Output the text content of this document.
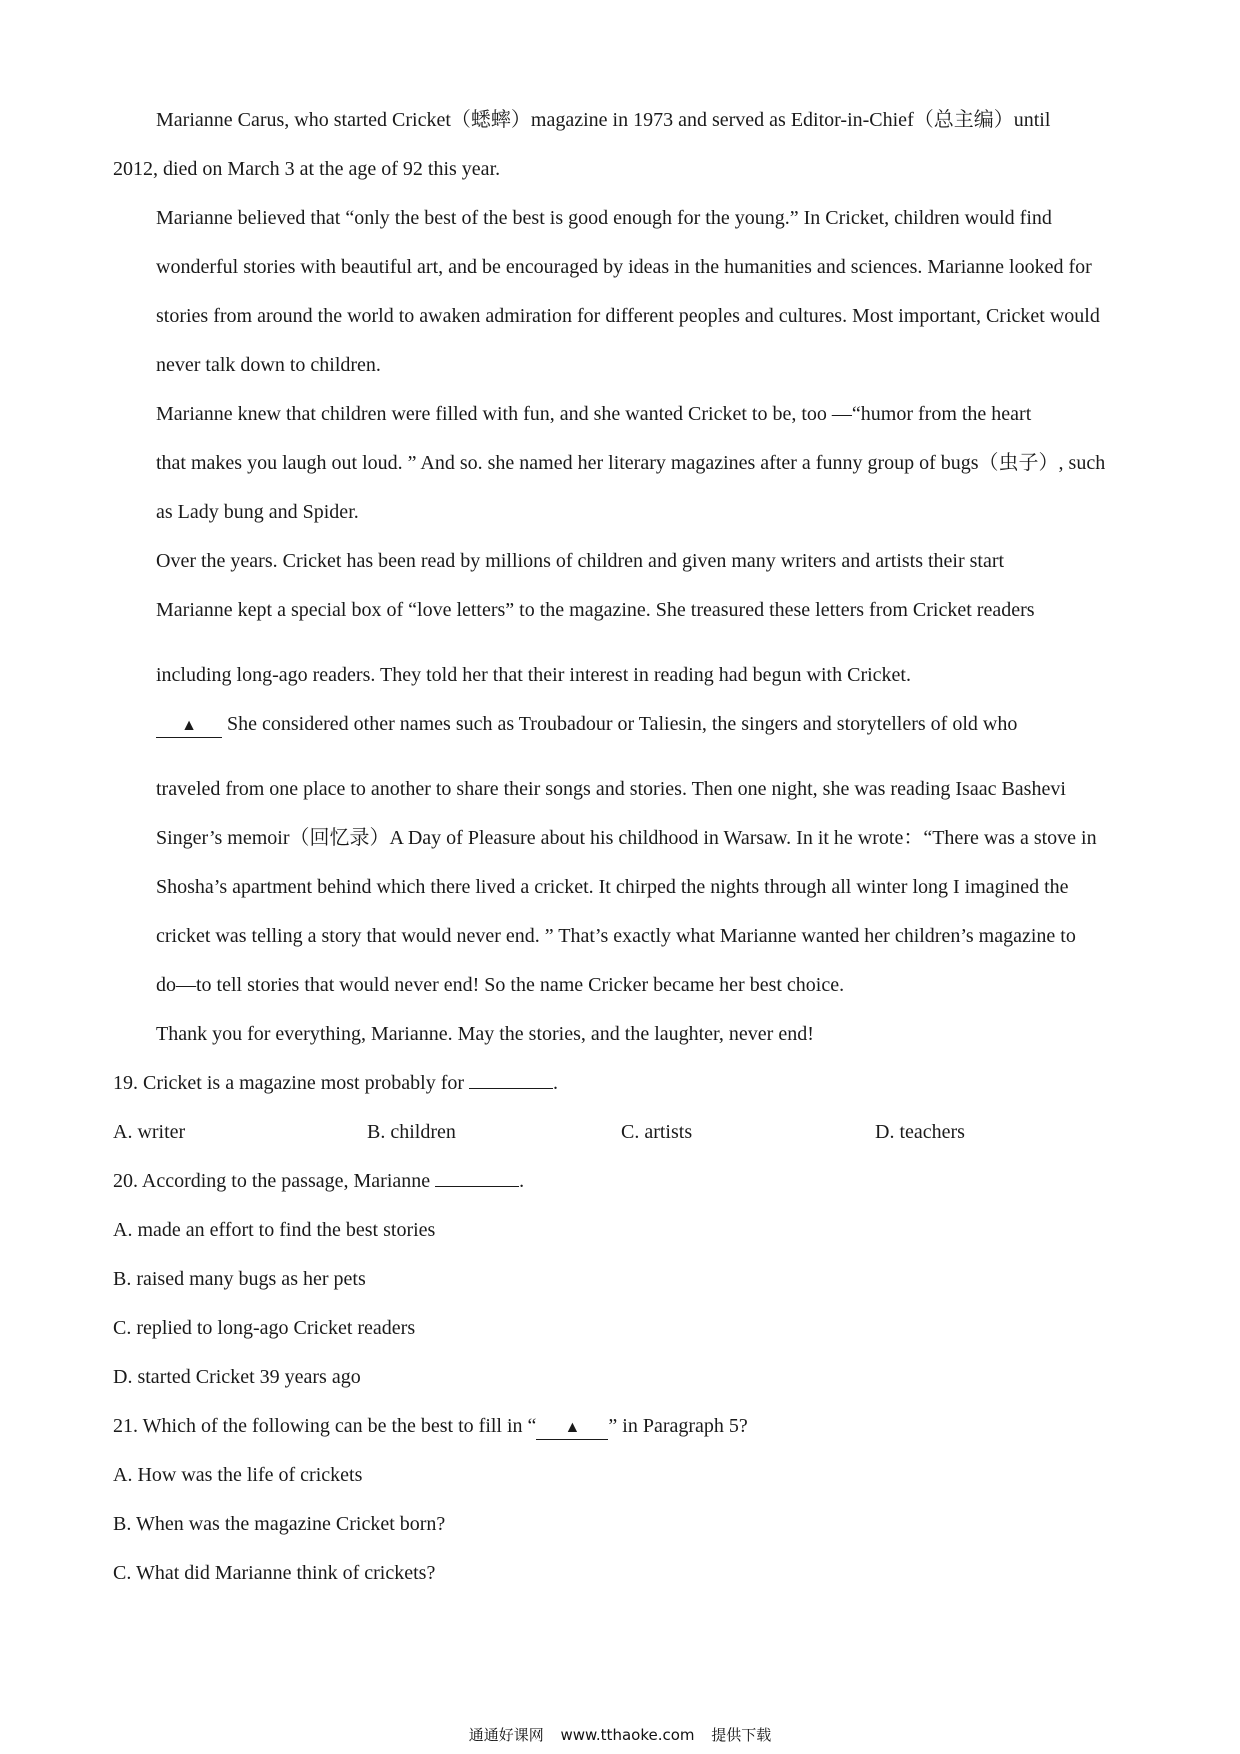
Marianne Carus, who started Cricket（蟋蟀）magazine in 1973 and served as Editor-in-Chief（总主编）until
2012, died on March 3 at the age of 92 this year.

Marianne believed that “only the best of the best is good enough for the young.” In Cricket, children would find
wonderful stories with beautiful art, and be encouraged by ideas in the humanities and sciences. Marianne looked for
stories from around the world to awaken admiration for different peoples and cultures. Most important, Cricket would
never talk down to children.

Marianne knew that children were filled with fun, and she wanted Cricket to be, too —“humor from the heart
that makes you laugh out loud. ” And so. she named her literary magazines after a funny group of bugs（虫子）, such
as Lady bung and Spider.

Over the years. Cricket has been read by millions of children and given many writers and artists their start
Marianne kept a special box of “love letters” to the magazine. She treasured these letters from Cricket readers
including long-ago readers. They told her that their interest in reading had begun with Cricket.

▲ She considered other names such as Troubadour or Taliesin, the singers and storytellers of old who
traveled from one place to another to share their songs and stories. Then one night, she was reading Isaac Bashevi
Singer’s memoir（回忆录）A Day of Pleasure about his childhood in Warsaw. In it he wrote：“There was a stove in
Shosha’s apartment behind which there lived a cricket. It chirped the nights through all winter long I imagined the
cricket was telling a story that would never end. ” That’s exactly what Marianne wanted her children’s magazine to
do—to tell stories that would never end! So the name Cricker became her best choice.

Thank you for everything, Marianne. May the stories, and the laughter, never end!

19. Cricket is a magazine most probably for	.

A. writer	B. children	C. artists	D. teachers

20. According to the passage, Marianne	.

A. made an effort to find the best stories

B. raised many bugs as her pets

C. replied to long-ago Cricket readers

D. started Cricket 39 years ago

21. Which of the following can be the best to fill in “ ▲ ” in Paragraph 5?

A. How was the life of crickets

B. When was the magazine Cricket born?

C. What did Marianne think of crickets?

通通好课网 www.tthaoke.com 提供下载
